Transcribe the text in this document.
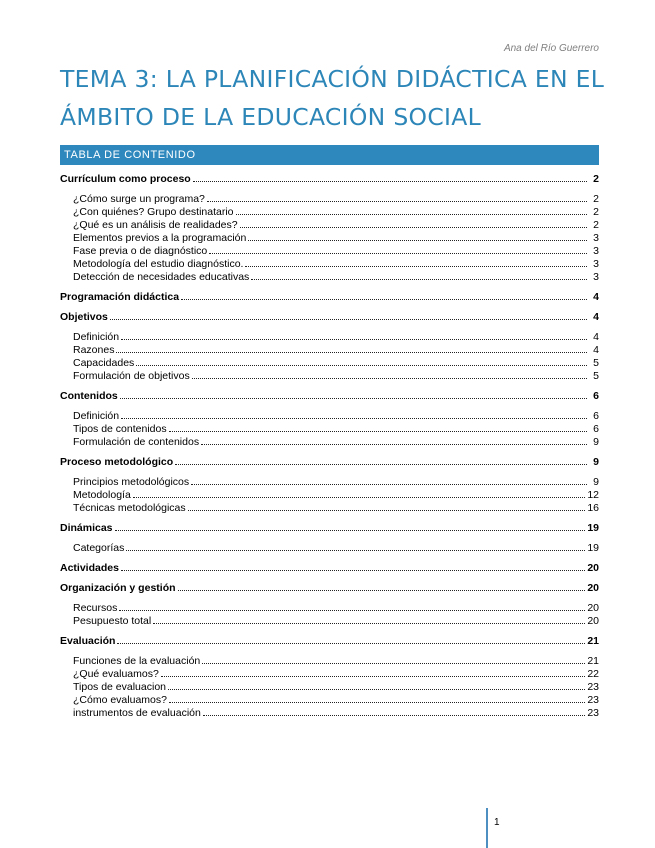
Ana del Río Guerrero
TEMA 3: LA PLANIFICACIÓN DIDÁCTICA EN EL
ÁMBITO DE LA EDUCACIÓN SOCIAL
TABLA DE CONTENIDO
Currículum como proceso	2
¿Cómo surge un programa?	2
¿Con quiénes? Grupo destinatario	2
¿Qué es un análisis de realidades?	2
Elementos previos a la programación	3
Fase previa o de diagnóstico	3
Metodología del estudio diagnóstico.	3
Detección de necesidades educativas	3
Programación didáctica	4
Objetivos	4
Definición	4
Razones	4
Capacidades	5
Formulación de objetivos	5
Contenidos	6
Definición	6
Tipos de contenidos	6
Formulación de contenidos	9
Proceso metodológico	9
Principios metodológicos	9
Metodología	12
Técnicas metodológicas	16
Dinámicas	19
Categorías	19
Actividades	20
Organización y gestión	20
Recursos	20
Pesupuesto total	20
Evaluación	21
Funciones de la evaluación	21
¿Qué evaluamos?	22
Tipos de evaluacion	23
¿Cómo evaluamos?	23
instrumentos de evaluación	23
1
